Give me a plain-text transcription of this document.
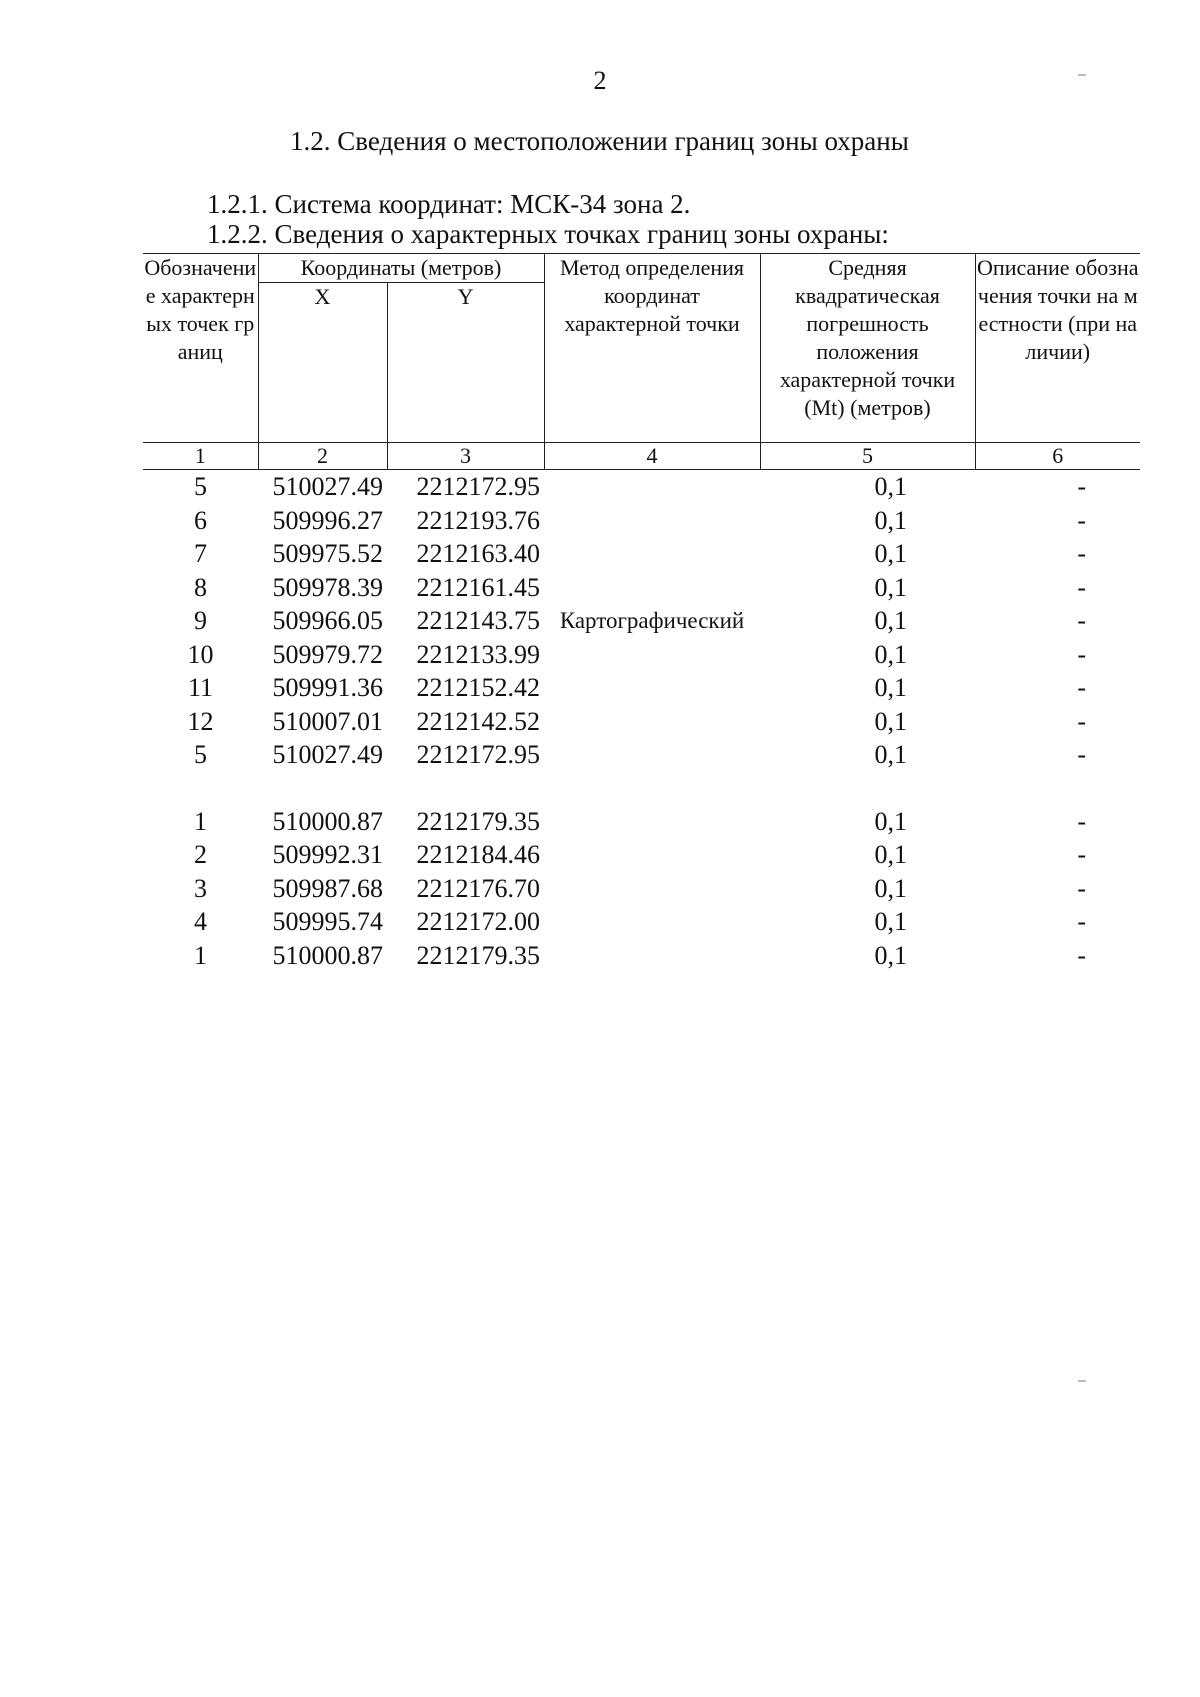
2
1.2. Сведения о местоположении границ зоны охраны
1.2.1. Система координат: МСК-34 зона 2.
1.2.2. Сведения о характерных точках границ зоны охраны:
Обозначение характерных точек границ	Координаты (метров)		Метод определения координат характерной точки	Средняя квадратическая погрешность положения характерной точки (Mt) (метров)	Описание обозначения точки на местности (при наличии)
	X	Y			
1	2	3	4	5	6
5	510027.49	2212172.95	Картографический	0,1	-
6	509996.27	2212193.76		0,1	-
7	509975.52	2212163.40		0,1	-
8	509978.39	2212161.45		0,1	-
9	509966.05	2212143.75		0,1	-
10	509979.72	2212133.99		0,1	-
11	509991.36	2212152.42		0,1	-
12	510007.01	2212142.52		0,1	-
5	510027.49	2212172.95		0,1	-

1	510000.87	2212179.35		0,1	-
2	509992.31	2212184.46		0,1	-
3	509987.68	2212176.70		0,1	-
4	509995.74	2212172.00		0,1	-
1	510000.87	2212179.35		0,1	-
